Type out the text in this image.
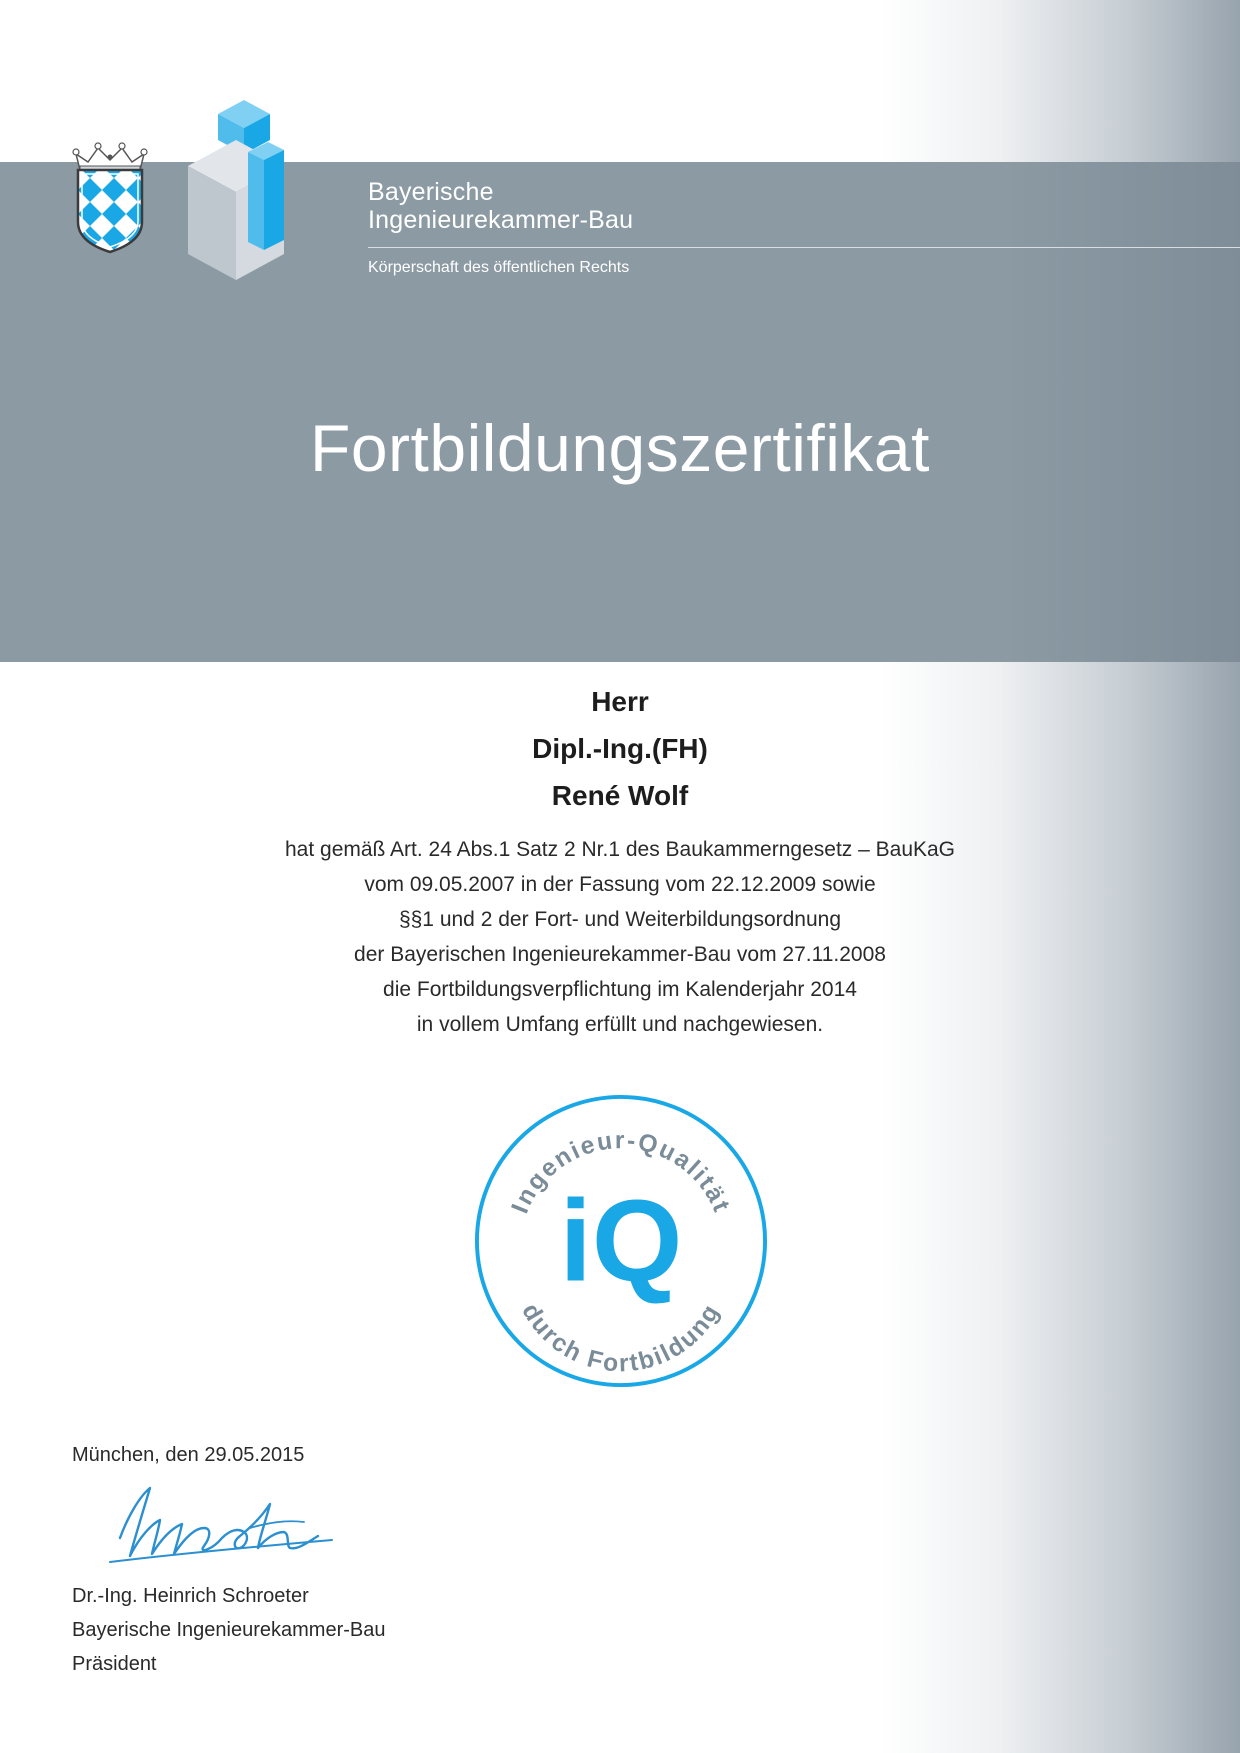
Bayerische
Ingenieurekammer-Bau
Körperschaft des öffentlichen Rechts
Fortbildungszertifikat
Herr
Dipl.-Ing.(FH)
René Wolf
hat gemäß Art. 24 Abs.1 Satz 2 Nr.1 des Baukammerngesetz – BauKaG
vom 09.05.2007 in der Fassung vom 22.12.2009 sowie
§§1 und 2 der Fort- und Weiterbildungsordnung
der Bayerischen Ingenieurekammer-Bau vom 27.11.2008
die Fortbildungsverpflichtung im Kalenderjahr 2014
in vollem Umfang erfüllt und nachgewiesen.
Ingenieur-Qualität
durch Fortbildung
iQ
München, den 29.05.2015
Dr.-Ing. Heinrich Schroeter
Bayerische Ingenieurekammer-Bau
Präsident
